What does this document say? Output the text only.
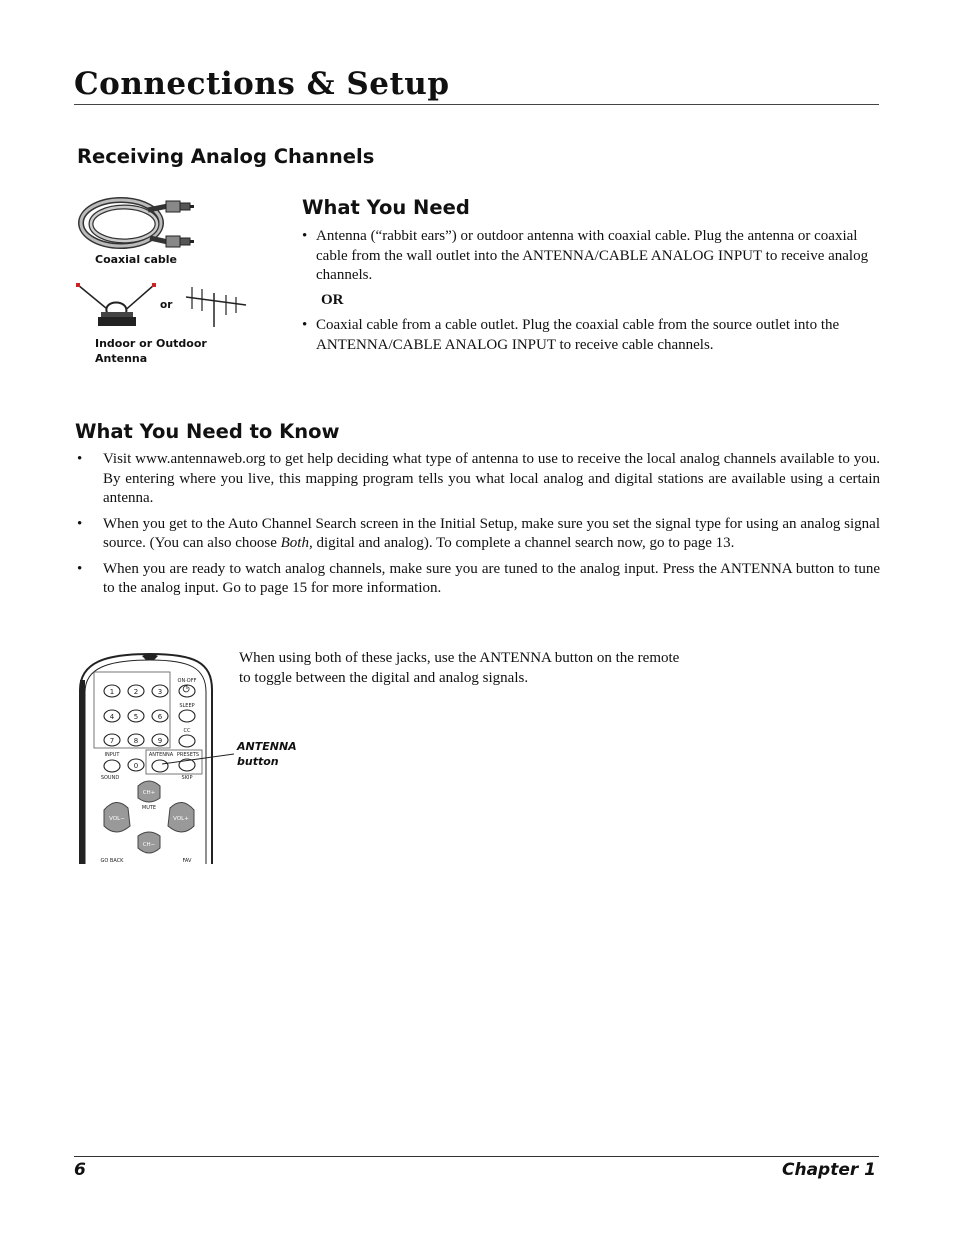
Connections & Setup
Receiving Analog Channels
Coaxial cable
or
Indoor or Outdoor
Antenna
What You Need

• Antenna (“rabbit ears”) or outdoor antenna with coaxial cable. Plug the antenna or coaxial cable from the wall outlet into the ANTENNA/CABLE ANALOG INPUT to receive analog channels.

OR

• Coaxial cable from a cable outlet. Plug the coaxial cable from the source outlet into the ANTENNA/CABLE ANALOG INPUT to receive cable channels.

What You Need to Know

• Visit www.antennaweb.org to get help deciding what type of antenna to use to receive the local analog channels available to you. By entering where you live, this mapping program tells you what local analog and digital stations are available using a certain antenna.

• When you get to the Auto Channel Search screen in the Initial Setup, make sure you set the signal type for using an analog signal source. (You can also choose Both, digital and analog). To complete a channel search now, go to page 13.

• When you are ready to watch analog channels, make sure you are tuned to the analog input. Press the ANTENNA button to tune to the analog input. Go to page 15 for more information.

1	2	3
4	5	6
7	8	9
0
ON·OFF
SLEEP
CC
INPUT	ANTENNA PRESETS
SOUND	SKIP
MUTE
GO BACK	FAV
CH+
VOL−	VOL+
CH−
ANTENNA
button

When using both of these jacks, use the ANTENNA button on the remote to toggle between the digital and analog signals.

6	Chapter 1
